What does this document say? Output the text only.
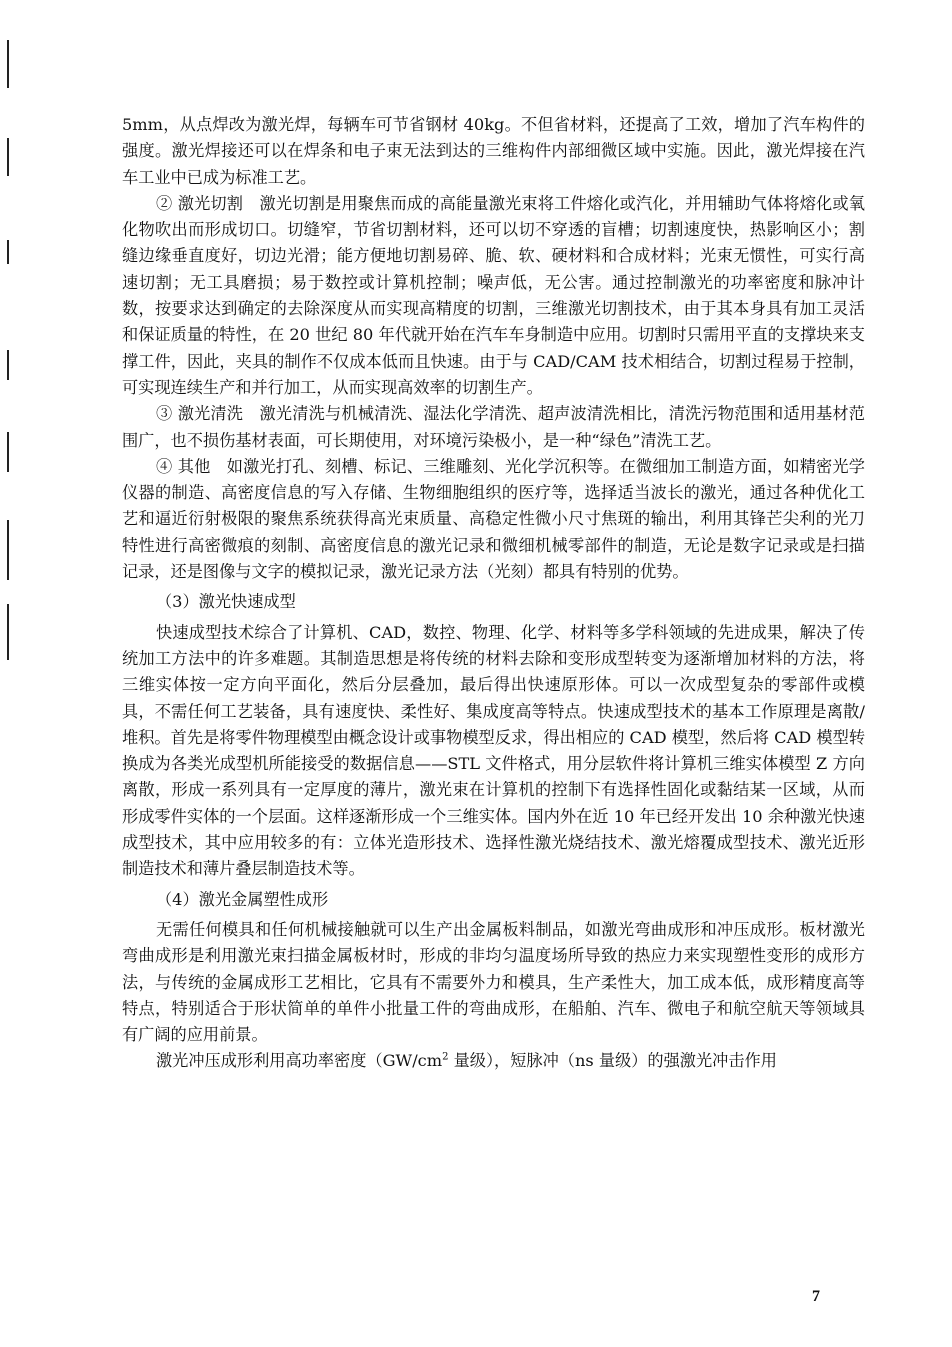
5mm，从点焊改为激光焊，每辆车可节省钢材 40kg。不但省材料，还提高了工效，增加了汽车构件的强度。激光焊接还可以在焊条和电子束无法到达的三维构件内部细微区域中实施。因此，激光焊接在汽车工业中已成为标准工艺。

② 激光切割　激光切割是用聚焦而成的高能量激光束将工件熔化或汽化，并用辅助气体将熔化或氧化物吹出而形成切口。切缝窄，节省切割材料，还可以切不穿透的盲槽；切割速度快，热影响区小；割缝边缘垂直度好，切边光滑；能方便地切割易碎、脆、软、硬材料和合成材料；光束无惯性，可实行高速切割；无工具磨损；易于数控或计算机控制；噪声低，无公害。通过控制激光的功率密度和脉冲计数，按要求达到确定的去除深度从而实现高精度的切割，三维激光切割技术，由于其本身具有加工灵活和保证质量的特性，在 20 世纪 80 年代就开始在汽车车身制造中应用。切割时只需用平直的支撑块来支撑工件，因此，夹具的制作不仅成本低而且快速。由于与 CAD/CAM 技术相结合，切割过程易于控制，可实现连续生产和并行加工，从而实现高效率的切割生产。

③ 激光清洗　激光清洗与机械清洗、湿法化学清洗、超声波清洗相比，清洗污物范围和适用基材范围广，也不损伤基材表面，可长期使用，对环境污染极小，是一种“绿色”清洗工艺。

④ 其他　如激光打孔、刻槽、标记、三维雕刻、光化学沉积等。在微细加工制造方面，如精密光学仪器的制造、高密度信息的写入存储、生物细胞组织的医疗等，选择适当波长的激光，通过各种优化工艺和逼近衍射极限的聚焦系统获得高光束质量、高稳定性微小尺寸焦斑的输出，利用其锋芒尖利的光刀特性进行高密微痕的刻制、高密度信息的激光记录和微细机械零部件的制造，无论是数字记录或是扫描记录，还是图像与文字的模拟记录，激光记录方法（光刻）都具有特别的优势。

（3）激光快速成型

快速成型技术综合了计算机、CAD，数控、物理、化学、材料等多学科领域的先进成果，解决了传统加工方法中的许多难题。其制造思想是将传统的材料去除和变形成型转变为逐渐增加材料的方法，将三维实体按一定方向平面化，然后分层叠加，最后得出快速原形体。可以一次成型复杂的零部件或模具，不需任何工艺装备，具有速度快、柔性好、集成度高等特点。快速成型技术的基本工作原理是离散/堆积。首先是将零件物理模型由概念设计或事物模型反求，得出相应的 CAD 模型，然后将 CAD 模型转换成为各类光成型机所能接受的数据信息——STL 文件格式，用分层软件将计算机三维实体模型 Z 方向离散，形成一系列具有一定厚度的薄片，激光束在计算机的控制下有选择性固化或黏结某一区域，从而形成零件实体的一个层面。这样逐渐形成一个三维实体。国内外在近 10 年已经开发出 10 余种激光快速成型技术，其中应用较多的有：立体光造形技术、选择性激光烧结技术、激光熔覆成型技术、激光近形制造技术和薄片叠层制造技术等。

（4）激光金属塑性成形

无需任何模具和任何机械接触就可以生产出金属板料制品，如激光弯曲成形和冲压成形。板材激光弯曲成形是利用激光束扫描金属板材时，形成的非均匀温度场所导致的热应力来实现塑性变形的成形方法，与传统的金属成形工艺相比，它具有不需要外力和模具，生产柔性大，加工成本低，成形精度高等特点，特别适合于形状简单的单件小批量工件的弯曲成形，在船舶、汽车、微电子和航空航天等领域具有广阔的应用前景。

激光冲压成形利用高功率密度（$GW/cm^2$ 量级），短脉冲（ns 量级）的强激光冲击作用

7
